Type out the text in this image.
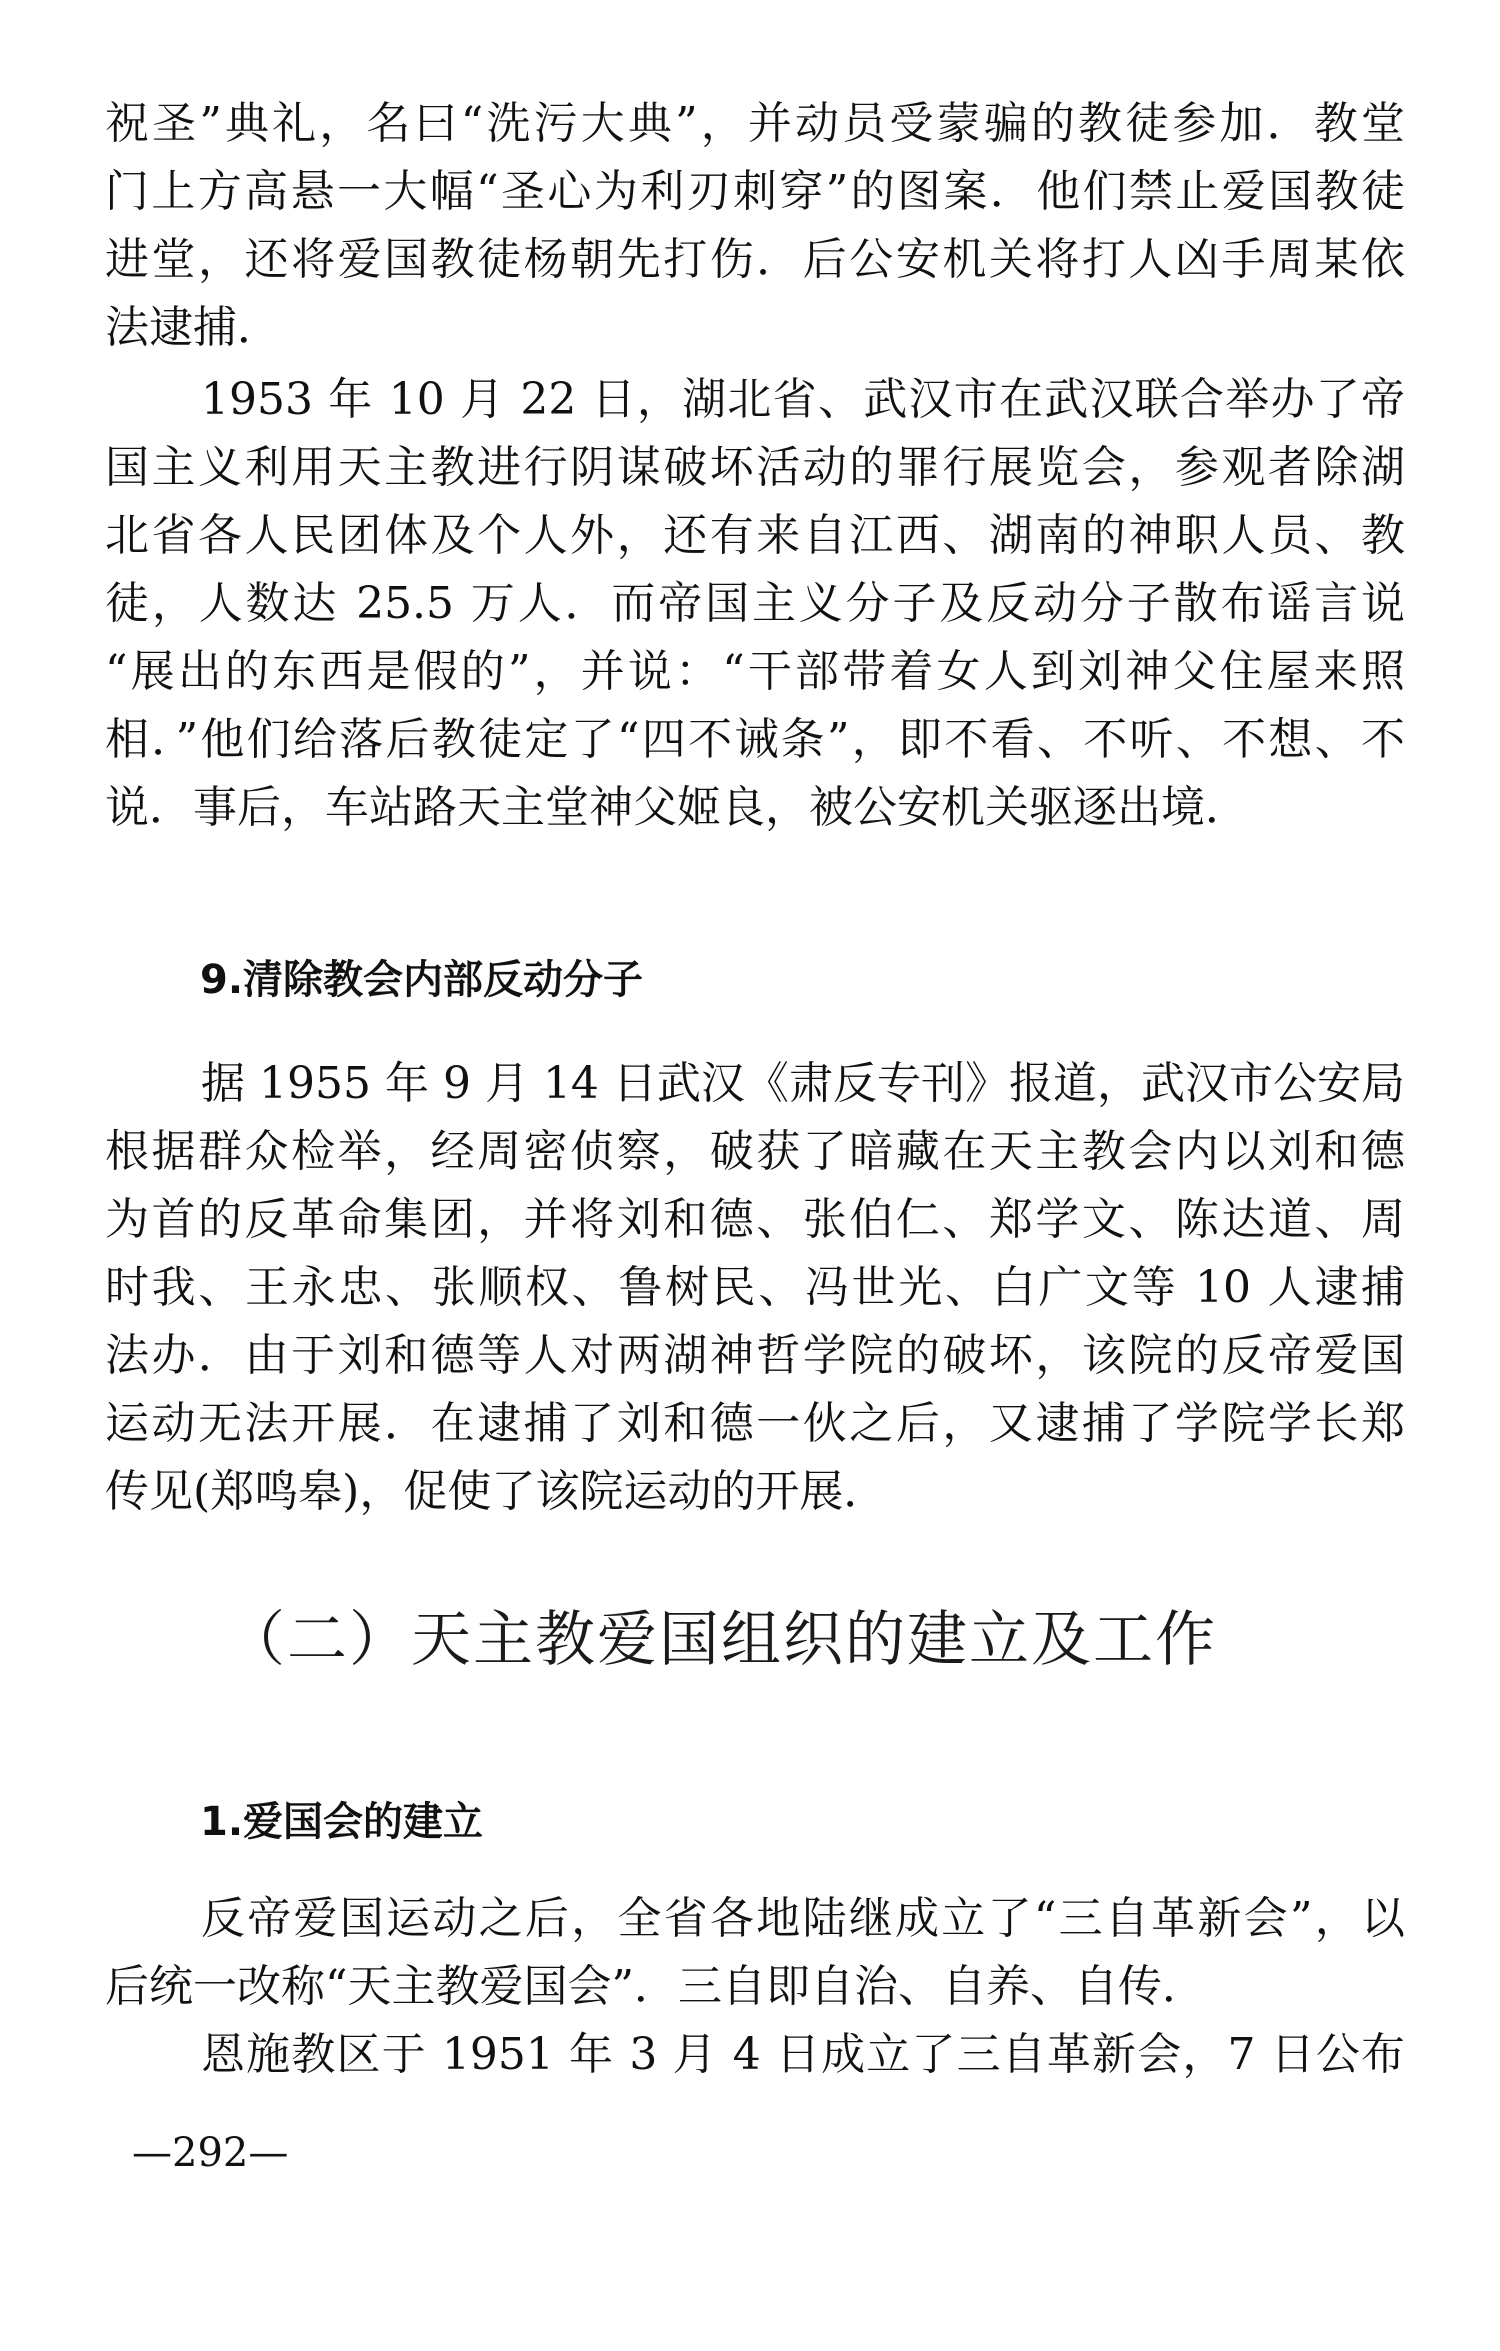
祝圣”典礼，名曰“洗污大典”，并动员受蒙骗的教徒参加．教堂
门上方高悬一大幅“圣心为利刃刺穿”的图案．他们禁止爱国教徒
进堂，还将爱国教徒杨朝先打伤．后公安机关将打人凶手周某依
法逮捕．
1953 年 10 月 22 日，湖北省、武汉市在武汉联合举办了帝
国主义利用天主教进行阴谋破坏活动的罪行展览会，参观者除湖
北省各人民团体及个人外，还有来自江西、湖南的神职人员、教
徒，人数达 25.5 万人．而帝国主义分子及反动分子散布谣言说
“展出的东西是假的”，并说：“干部带着女人到刘神父住屋来照
相．”他们给落后教徒定了“四不诫条”，即不看、不听、不想、不
说．事后，车站路天主堂神父姬良，被公安机关驱逐出境．
9.清除教会内部反动分子
据 1955 年 9 月 14 日武汉《肃反专刊》报道，武汉市公安局
根据群众检举，经周密侦察，破获了暗藏在天主教会内以刘和德
为首的反革命集团，并将刘和德、张伯仁、郑学文、陈达道、周
时我、王永忠、张顺权、鲁树民、冯世光、白广文等 10 人逮捕
法办．由于刘和德等人对两湖神哲学院的破坏，该院的反帝爱国
运动无法开展．在逮捕了刘和德一伙之后，又逮捕了学院学长郑
传见(郑鸣皋)，促使了该院运动的开展．
（二）天主教爱国组织的建立及工作
1.爱国会的建立
反帝爱国运动之后，全省各地陆继成立了“三自革新会”，以
后统一改称“天主教爱国会”．三自即自治、自养、自传．
恩施教区于 1951 年 3 月 4 日成立了三自革新会，7 日公布
—292—
